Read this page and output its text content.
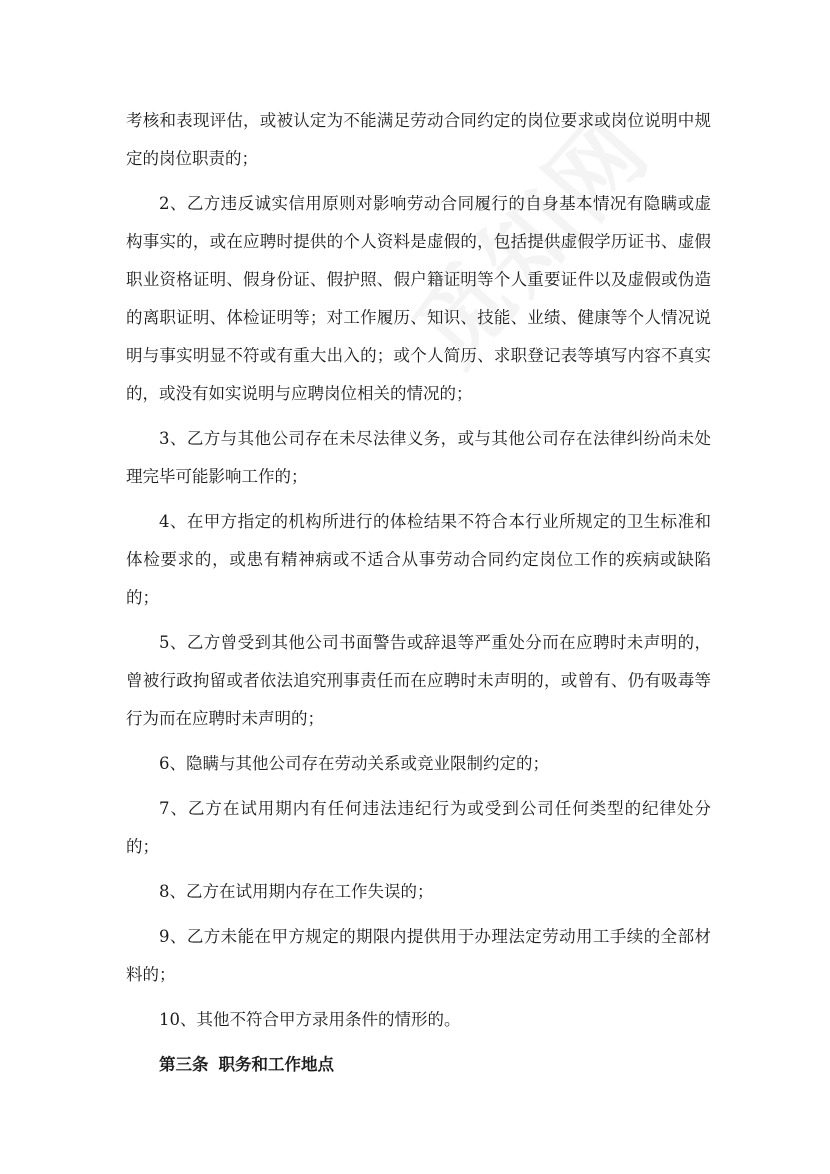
考核和表现评估，或被认定为不能满足劳动合同约定的岗位要求或岗位说明中规定的岗位职责的；

2、乙方违反诚实信用原则对影响劳动合同履行的自身基本情况有隐瞒或虚构事实的，或在应聘时提供的个人资料是虚假的，包括提供虚假学历证书、虚假职业资格证明、假身份证、假护照、假户籍证明等个人重要证件以及虚假或伪造的离职证明、体检证明等；对工作履历、知识、技能、业绩、健康等个人情况说明与事实明显不符或有重大出入的；或个人简历、求职登记表等填写内容不真实的，或没有如实说明与应聘岗位相关的情况的；

3、乙方与其他公司存在未尽法律义务，或与其他公司存在法律纠纷尚未处理完毕可能影响工作的；

4、在甲方指定的机构所进行的体检结果不符合本行业所规定的卫生标准和体检要求的，或患有精神病或不适合从事劳动合同约定岗位工作的疾病或缺陷的；

5、乙方曾受到其他公司书面警告或辞退等严重处分而在应聘时未声明的，曾被行政拘留或者依法追究刑事责任而在应聘时未声明的，或曾有、仍有吸毒等行为而在应聘时未声明的；

6、隐瞒与其他公司存在劳动关系或竞业限制约定的；

7、乙方在试用期内有任何违法违纪行为或受到公司任何类型的纪律处分的；

8、乙方在试用期内存在工作失误的；

9、乙方未能在甲方规定的期限内提供用于办理法定劳动用工手续的全部材料的；

10、其他不符合甲方录用条件的情形的。

第三条 职务和工作地点
